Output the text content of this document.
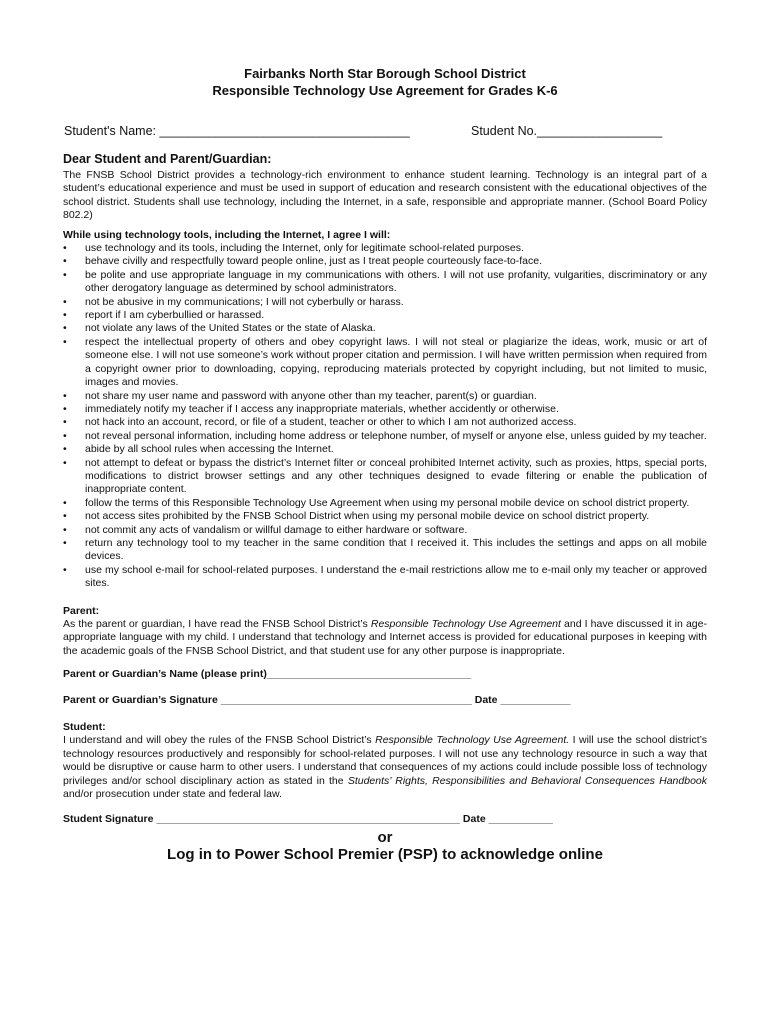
Fairbanks North Star Borough School District
Responsible Technology Use Agreement for Grades K-6
Student's Name: ____________________________________	Student No.__________________
Dear Student and Parent/Guardian:

The FNSB School District provides a technology-rich environment to enhance student learning. Technology is an integral part of a student’s educational experience and must be used in support of education and research consistent with the educational objectives of the school district. Students shall use technology, including the Internet, in a safe, responsible and appropriate manner. (School Board Policy 802.2)

While using technology tools, including the Internet, I agree I will:
• use technology and its tools, including the Internet, only for legitimate school-related purposes.
• behave civilly and respectfully toward people online, just as I treat people courteously face-to-face.
• be polite and use appropriate language in my communications with others. I will not use profanity, vulgarities, discriminatory or any other derogatory language as determined by school administrators.
• not be abusive in my communications; I will not cyberbully or harass.
• report if I am cyberbullied or harassed.
• not violate any laws of the United States or the state of Alaska.
• respect the intellectual property of others and obey copyright laws. I will not steal or plagiarize the ideas, work, music or art of someone else. I will not use someone’s work without proper citation and permission. I will have written permission when required from a copyright owner prior to downloading, copying, reproducing materials protected by copyright including, but not limited to music, images and movies.
• not share my user name and password with anyone other than my teacher, parent(s) or guardian.
• immediately notify my teacher if I access any inappropriate materials, whether accidently or otherwise.
• not hack into an account, record, or file of a student, teacher or other to which I am not authorized access.
• not reveal personal information, including home address or telephone number, of myself or anyone else, unless guided by my teacher.
• abide by all school rules when accessing the Internet.
• not attempt to defeat or bypass the district’s Internet filter or conceal prohibited Internet activity, such as proxies, https, special ports, modifications to district browser settings and any other techniques designed to evade filtering or enable the publication of inappropriate content.
• follow the terms of this Responsible Technology Use Agreement when using my personal mobile device on school district property.
• not access sites prohibited by the FNSB School District when using my personal mobile device on school district property.
• not commit any acts of vandalism or willful damage to either hardware or software.
• return any technology tool to my teacher in the same condition that I received it. This includes the settings and apps on all mobile devices.
• use my school e-mail for school-related purposes. I understand the e-mail restrictions allow me to e-mail only my teacher or approved sites.
Parent:

As the parent or guardian, I have read the FNSB School District’s Responsible Technology Use Agreement and I have discussed it in age-appropriate language with my child. I understand that technology and Internet access is provided for educational purposes in keeping with the academic goals of the FNSB School District, and that student use for any other purpose is inappropriate.

Parent or Guardian’s Name (please print)___________________________________
Parent or Guardian’s Signature ___________________________________________ Date ____________
Student:

I understand and will obey the rules of the FNSB School District’s Responsible Technology Use Agreement. I will use the school district’s technology resources productively and responsibly for school-related purposes. I will not use any technology resource in such a way that would be disruptive or cause harm to other users. I understand that consequences of my actions could include possible loss of technology privileges and/or school disciplinary action as stated in the Students’ Rights, Responsibilities and Behavioral Consequences Handbook and/or prosecution under state and federal law.

Student Signature ____________________________________________________ Date ___________
or
Log in to Power School Premier (PSP) to acknowledge online
